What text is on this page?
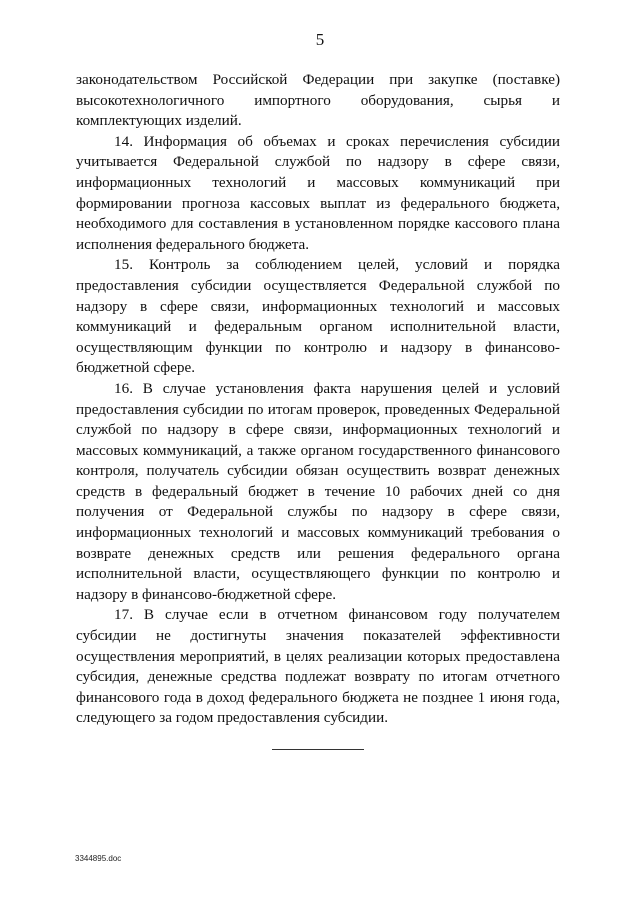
5

законодательством Российской Федерации при закупке (поставке) высокотехнологичного импортного оборудования, сырья и комплектующих изделий.

14. Информация об объемах и сроках перечисления субсидии учитывается Федеральной службой по надзору в сфере связи, информационных технологий и массовых коммуникаций при формировании прогноза кассовых выплат из федерального бюджета, необходимого для составления в установленном порядке кассового плана исполнения федерального бюджета.

15. Контроль за соблюдением целей, условий и порядка предоставления субсидии осуществляется Федеральной службой по надзору в сфере связи, информационных технологий и массовых коммуникаций и федеральным органом исполнительной власти, осуществляющим функции по контролю и надзору в финансово-бюджетной сфере.

16. В случае установления факта нарушения целей и условий предоставления субсидии по итогам проверок, проведенных Федеральной службой по надзору в сфере связи, информационных технологий и массовых коммуникаций, а также органом государственного финансового контроля, получатель субсидии обязан осуществить возврат денежных средств в федеральный бюджет в течение 10 рабочих дней со дня получения от Федеральной службы по надзору в сфере связи, информационных технологий и массовых коммуникаций требования о возврате денежных средств или решения федерального органа исполнительной власти, осуществляющего функции по контролю и надзору в финансово-бюджетной сфере.

17. В случае если в отчетном финансовом году получателем субсидии не достигнуты значения показателей эффективности осуществления мероприятий, в целях реализации которых предоставлена субсидия, денежные средства подлежат возврату по итогам отчетного финансового года в доход федерального бюджета не позднее 1 июня года, следующего за годом предоставления субсидии.

3344895.doc
